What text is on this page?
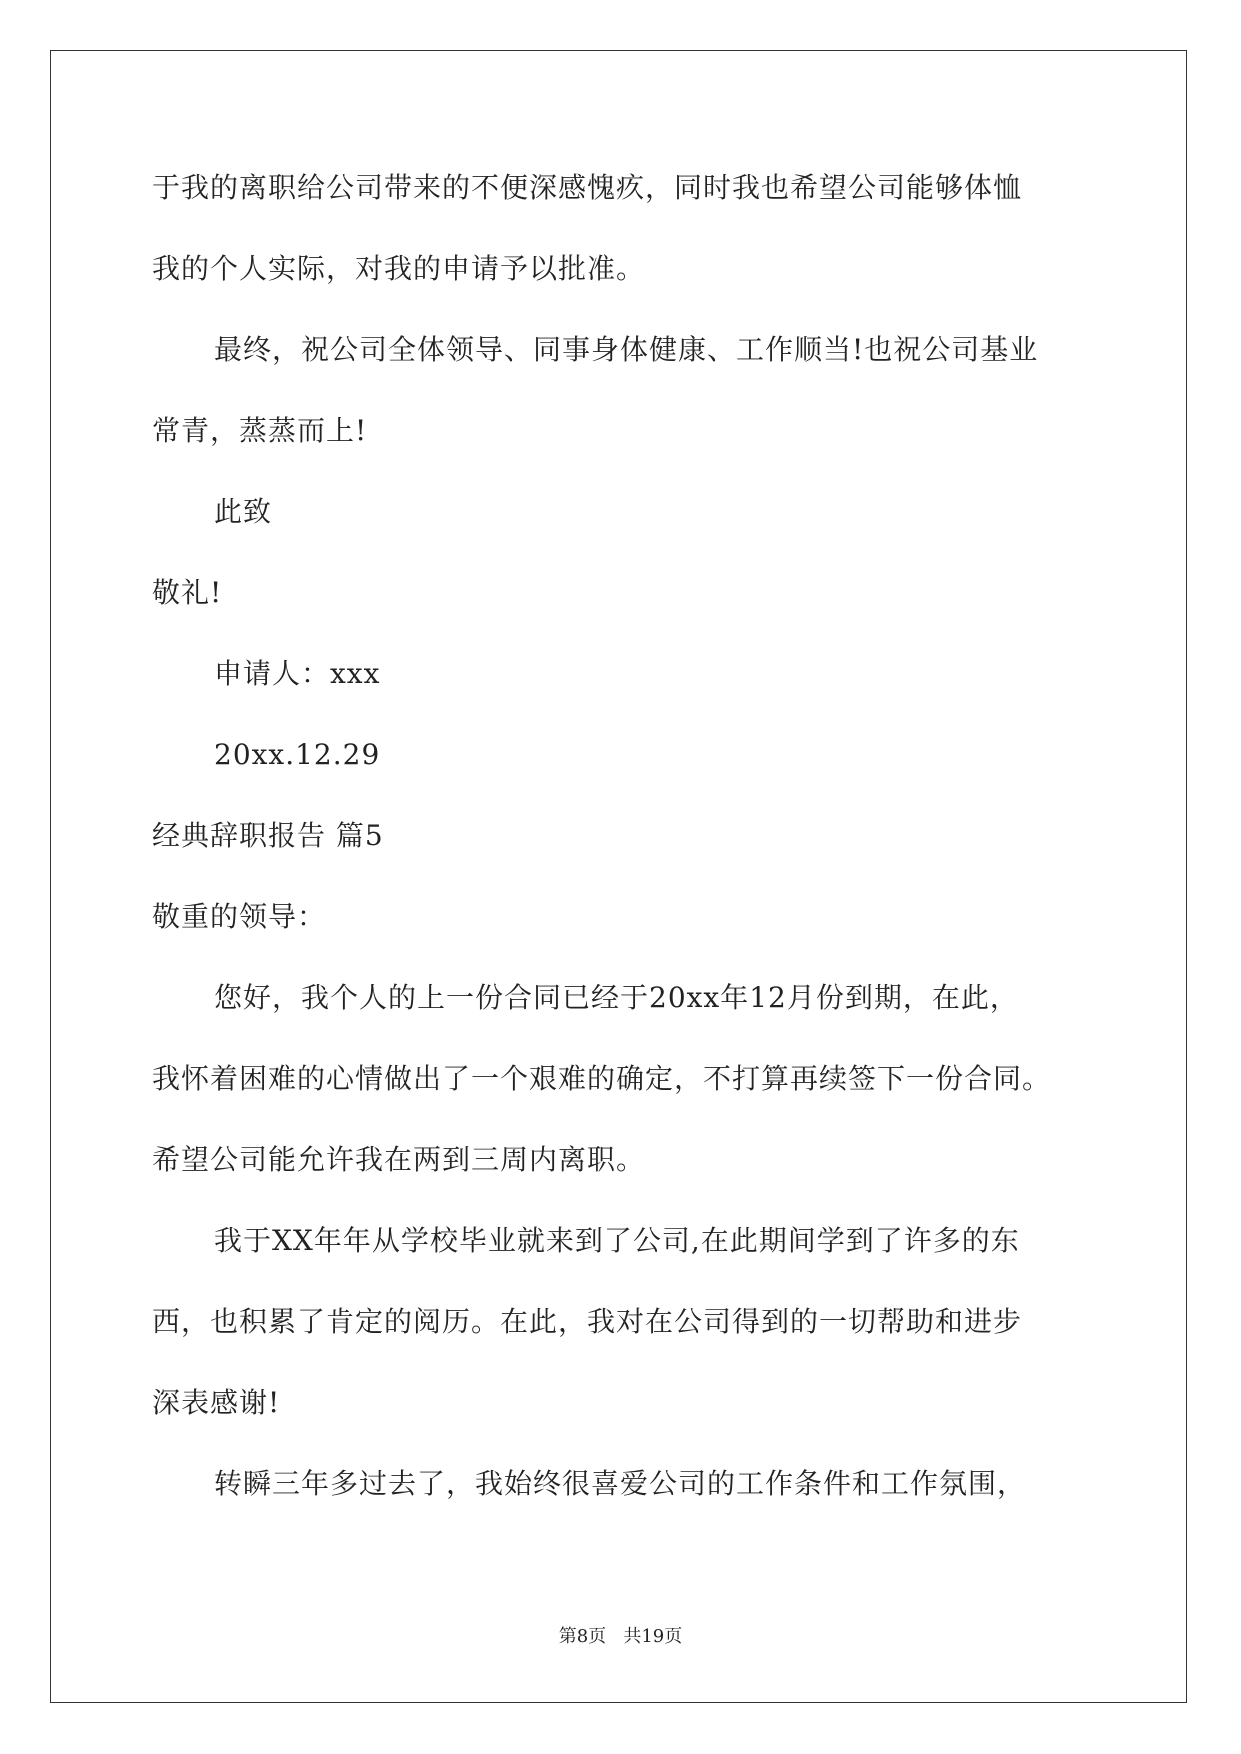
于我的离职给公司带来的不便深感愧疚，同时我也希望公司能够体恤
我的个人实际，对我的申请予以批准。
最终，祝公司全体领导、同事身体健康、工作顺当!也祝公司基业
常青，蒸蒸而上!
此致
敬礼!
申请人：xxx
20xx.12.29
经典辞职报告 篇5
敬重的领导：
您好，我个人的上一份合同已经于20xx年12月份到期，在此，
我怀着困难的心情做出了一个艰难的确定，不打算再续签下一份合同。
希望公司能允许我在两到三周内离职。
我于XX年年从学校毕业就来到了公司,在此期间学到了许多的东
西，也积累了肯定的阅历。在此，我对在公司得到的一切帮助和进步
深表感谢!
转瞬三年多过去了，我始终很喜爱公司的工作条件和工作氛围，
第8页   共19页
